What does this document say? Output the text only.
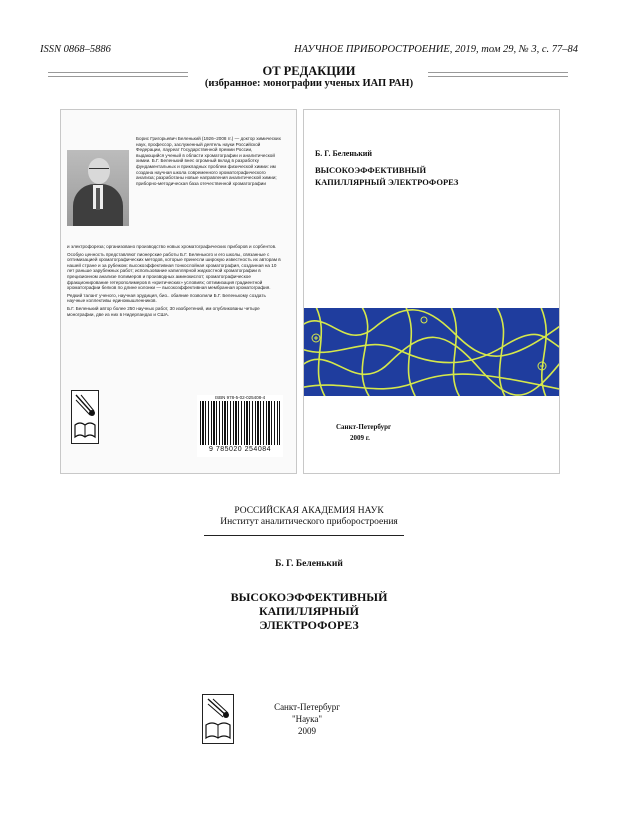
ISSN 0868–5886	НАУЧНОЕ ПРИБОРОСТРОЕНИЕ, 2019, том 29, № 3, c. 77–84
ОТ РЕДАКЦИИ
(избранное: монографии ученых ИАП РАН)

Борис Григорьевич Беленький (1926–2008 гг.) — доктор химических наук, профессор, заслуженный деятель науки Российской Федерации, лауреат Государственной премии России, выдающийся ученый в области хроматографии и аналитической химии. Б.Г. Беленький внес огромный вклад в разработку фундаментальных и прикладных проблем физической химии: им создана научная школа современного хроматографического анализа; разработаны новые направления аналитической химии; приборно-методическая база отечественной хроматографии

и электрофореза; организовано производство новых хроматографических приборов и сорбентов.

Особую ценность представляют пионерские работы Б.Г. Беленького и его школы, связанные с оптимизацией хроматографических методов, которые принесли широкую известность их авторам в нашей стране и за рубежом: высокоэффективная тонкослойная хроматография, созданная на 10 лет раньше зарубежных работ; использование капиллярной жидкостной хроматографии в прецизионном анализе полимеров и производных аминокислот; хроматографическое фракционирование гетерополимеров в «критических» условиях; оптимизация градиентной хроматографии белков по длине колонки — высокоэффективная мембранная хроматография.

Редкий талант ученого, научная эрудиция, био.. обаяние позволили Б.Г. Беленькому создать научные коллективы единомышленников.

Б.Г. Беленький автор более 250 научных работ, 30 изобретений, им опубликованы четыре монографии, две из них в Нидерландах и США.

ISBN 978-5-02-025408-4

9 785020 254084

Б. Г. Беленький
ВЫСОКОЭФФЕКТИВНЫЙ
КАПИЛЛЯРНЫЙ ЭЛЕКТРОФОРЕЗ
Санкт-Петербург
2009 г.
РОССИЙСКАЯ АКАДЕМИЯ НАУК
Институт аналитического приборостроения
Б. Г. Беленький
ВЫСОКОЭФФЕКТИВНЫЙ
КАПИЛЛЯРНЫЙ
ЭЛЕКТРОФОРЕЗ
Санкт-Петербург
"Наука"
2009
